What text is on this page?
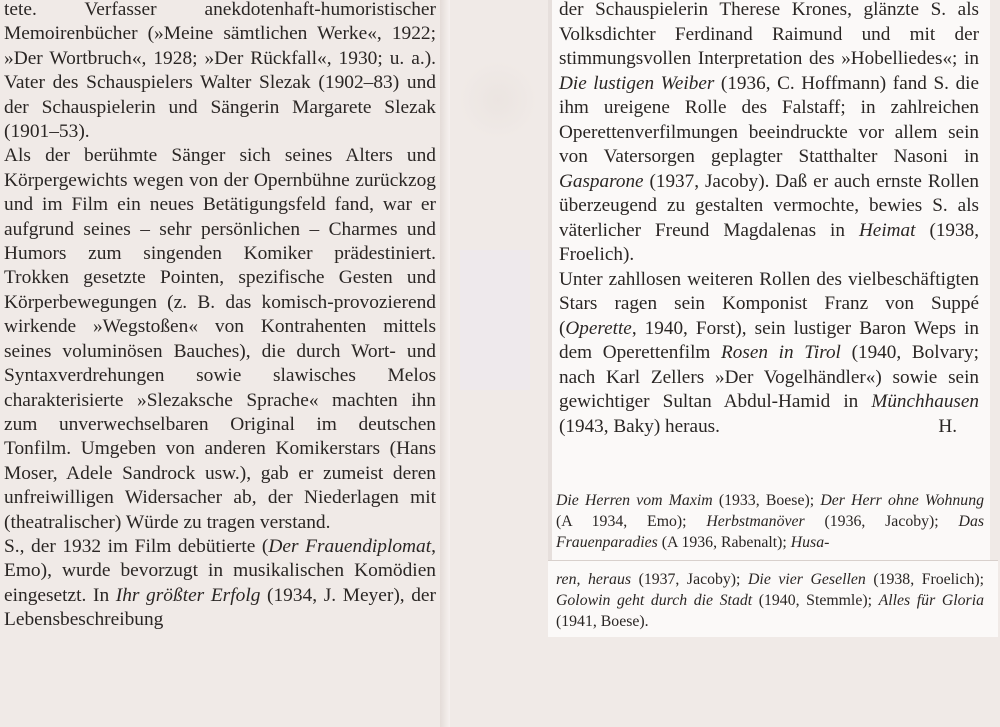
tete. Verfasser anekdotenhaft-humoristischer Memoirenbücher (»Meine sämtlichen Werke«, 1922; »Der Wortbruch«, 1928; »Der Rückfall«, 1930; u. a.). Vater des Schauspielers Walter Slezak (1902–83) und der Schauspielerin und Sängerin Margarete Slezak (1901–53).

Als der berühmte Sänger sich seines Alters und Körpergewichts wegen von der Opernbühne zurückzog und im Film ein neues Betätigungsfeld fand, war er aufgrund seines – sehr persönlichen – Charmes und Humors zum singenden Komiker prädestiniert. Trokken gesetzte Pointen, spezifische Gesten und Körperbewegungen (z. B. das komisch-provozierend wirkende »Wegstoßen« von Kontrahenten mittels seines voluminösen Bauches), die durch Wort- und Syntaxverdrehungen sowie slawisches Melos charakterisierte »Slezaksche Sprache« machten ihn zum unverwechselbaren Original im deutschen Tonfilm. Umgeben von anderen Komikerstars (Hans Moser, Adele Sandrock usw.), gab er zumeist deren unfreiwilligen Widersacher ab, der Niederlagen mit (theatralischer) Würde zu tragen verstand.

S., der 1932 im Film debütierte (Der Frauendiplomat, Emo), wurde bevorzugt in musikalischen Komödien eingesetzt. In Ihr größter Erfolg (1934, J. Meyer), der Lebensbeschreibung

der Schauspielerin Therese Krones, glänzte S. als Volksdichter Ferdinand Raimund und mit der stimmungsvollen Interpretation des »Hobelliedes«; in Die lustigen Weiber (1936, C. Hoffmann) fand S. die ihm ureigene Rolle des Falstaff; in zahlreichen Operettenverfilmungen beeindruckte vor allem sein von Vatersorgen geplagter Statthalter Nasoni in Gasparone (1937, Jacoby). Daß er auch ernste Rollen überzeugend zu gestalten vermochte, bewies S. als väterlicher Freund Magdalenas in Heimat (1938, Froelich).

Unter zahllosen weiteren Rollen des vielbeschäftigten Stars ragen sein Komponist Franz von Suppé (Operette, 1940, Forst), sein lustiger Baron Weps in dem Operettenfilm Rosen in Tirol (1940, Bolvary; nach Karl Zellers »Der Vogelhändler«) sowie sein gewichtiger Sultan Abdul-Hamid in Münchhausen (1943, Baky) heraus.	H.
Die Herren vom Maxim (1933, Boese); Der Herr ohne Wohnung (A 1934, Emo); Herbstmanöver (1936, Jacoby); Das Frauenparadies (A 1936, Rabenalt); Husa-
ren, heraus (1937, Jacoby); Die vier Gesellen (1938, Froelich); Golowin geht durch die Stadt (1940, Stemmle); Alles für Gloria (1941, Boese).
